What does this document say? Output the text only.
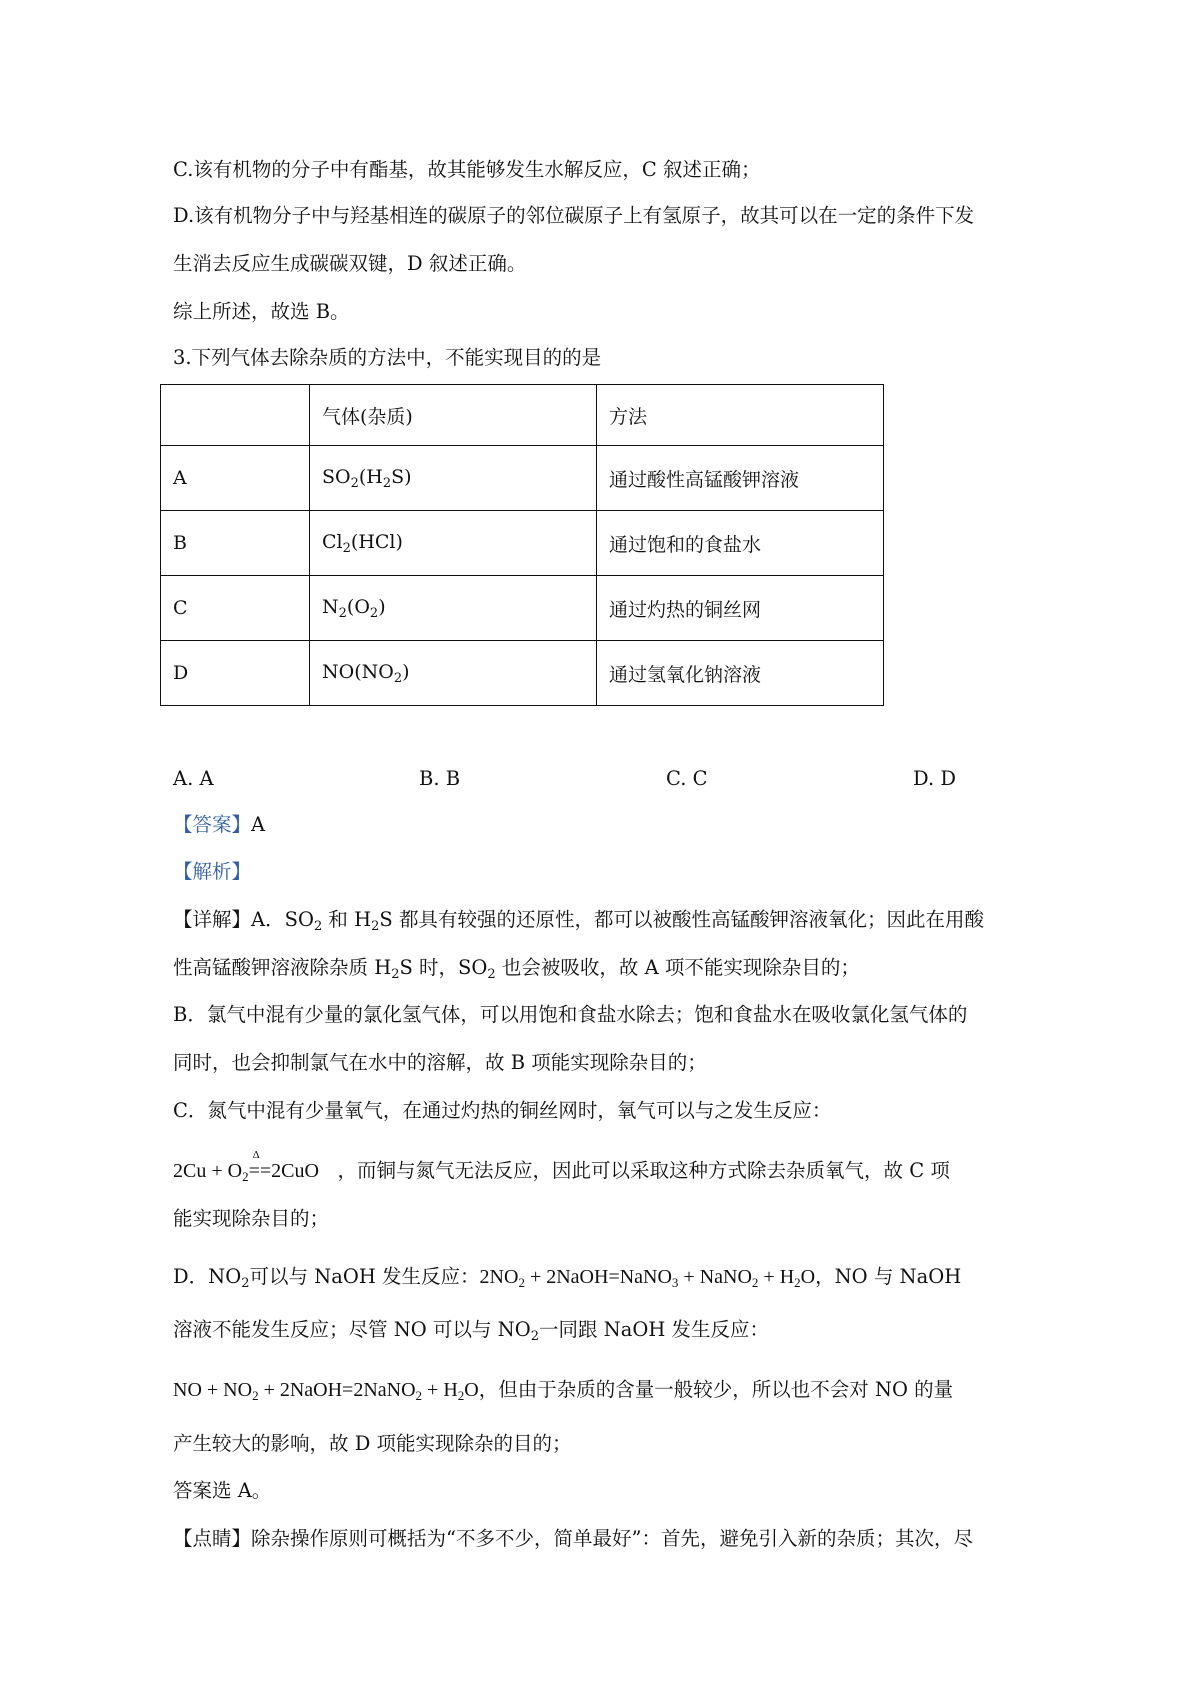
C.该有机物的分子中有酯基，故其能够发生水解反应，C 叙述正确；
D.该有机物分子中与羟基相连的碳原子的邻位碳原子上有氢原子，故其可以在一定的条件下发
生消去反应生成碳碳双键，D 叙述正确。
综上所述，故选 B。
3.下列气体去除杂质的方法中，不能实现目的的是
	气体(杂质)	方法
A	$SO_2(H_2S)$	通过酸性高锰酸钾溶液
B	$Cl_2(HCl)$	通过饱和的食盐水
C	$N_2(O_2)$	通过灼热的铜丝网
D	$NO(NO_2)$	通过氢氧化钠溶液
A. A	B. B	C. C	D. D
【答案】A
【解析】
【详解】A．$SO_2$ 和 $H_2S$ 都具有较强的还原性，都可以被酸性高锰酸钾溶液氧化；因此在用酸
性高锰酸钾溶液除杂质 $H_2S$ 时，$SO_2$ 也会被吸收，故 A 项不能实现除杂目的；
B．氯气中混有少量的氯化氢气体，可以用饱和食盐水除去；饱和食盐水在吸收氯化氢气体的
同时，也会抑制氯气在水中的溶解，故 B 项能实现除杂目的；
C．氮气中混有少量氧气，在通过灼热的铜丝网时，氧气可以与之发生反应：
$2Cu + O_2$
Δ
==2CuO ，而铜与氮气无法反应，因此可以采取这种方式除去杂质氧气，故 C 项
能实现除杂目的；
D．$NO_2$可以与 NaOH 发生反应：$2NO_2$ + 2NaOH=NaNO$_3$ + NaNO$_2$ + $H_2O$，NO 与 NaOH
溶液不能发生反应；尽管 NO 可以与 $NO_2$一同跟 NaOH 发生反应：
NO + $NO_2$ + 2NaOH=2NaNO$_2$ + $H_2O$，但由于杂质的含量一般较少，所以也不会对 NO 的量
产生较大的影响，故 D 项能实现除杂的目的；
答案选 A。
【点睛】除杂操作原则可概括为“不多不少，简单最好”：首先，避免引入新的杂质；其次，尽
